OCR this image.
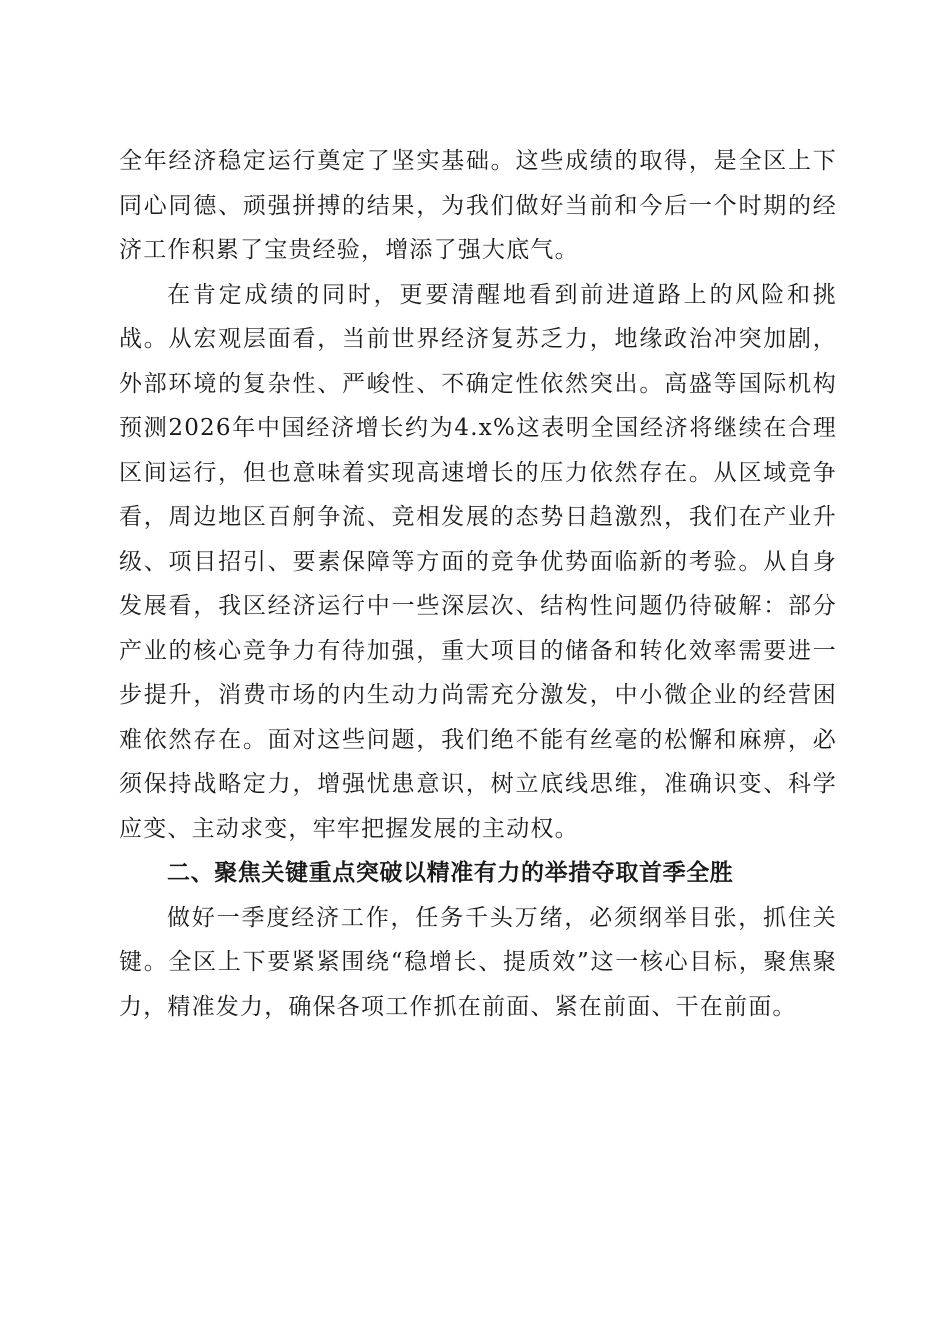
全年经济稳定运行奠定了坚实基础。这些成绩的取得，是全区上下同心同德、顽强拼搏的结果，为我们做好当前和今后一个时期的经济工作积累了宝贵经验，增添了强大底气。

在肯定成绩的同时，更要清醒地看到前进道路上的风险和挑战。从宏观层面看，当前世界经济复苏乏力，地缘政治冲突加剧，外部环境的复杂性、严峻性、不确定性依然突出。高盛等国际机构预测2026年中国经济增长约为4.x%这表明全国经济将继续在合理区间运行，但也意味着实现高速增长的压力依然存在。从区域竞争看，周边地区百舸争流、竞相发展的态势日趋激烈，我们在产业升级、项目招引、要素保障等方面的竞争优势面临新的考验。从自身发展看，我区经济运行中一些深层次、结构性问题仍待破解：部分产业的核心竞争力有待加强，重大项目的储备和转化效率需要进一步提升，消费市场的内生动力尚需充分激发，中小微企业的经营困难依然存在。面对这些问题，我们绝不能有丝毫的松懈和麻痹，必须保持战略定力，增强忧患意识，树立底线思维，准确识变、科学应变、主动求变，牢牢把握发展的主动权。

二、聚焦关键重点突破以精准有力的举措夺取首季全胜

做好一季度经济工作，任务千头万绪，必须纲举目张，抓住关键。全区上下要紧紧围绕“稳增长、提质效”这一核心目标，聚焦聚力，精准发力，确保各项工作抓在前面、紧在前面、干在前面。
